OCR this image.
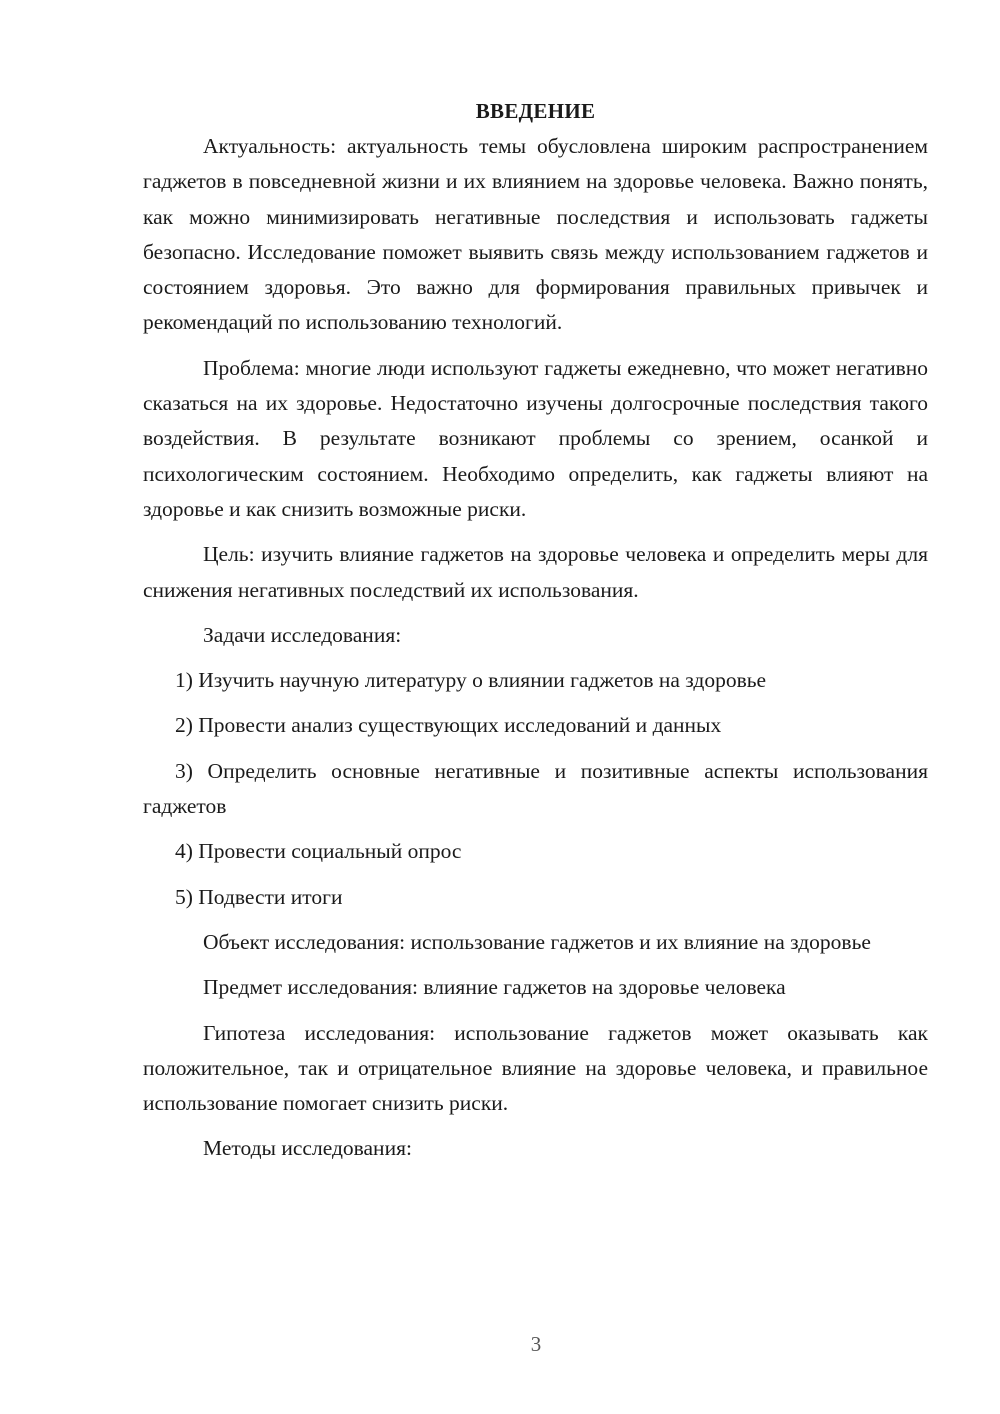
ВВЕДЕНИЕ

Актуальность: актуальность темы обусловлена широким распространением гаджетов в повседневной жизни и их влиянием на здоровье человека. Важно понять, как можно минимизировать негативные последствия и использовать гаджеты безопасно. Исследование поможет выявить связь между использованием гаджетов и состоянием здоровья. Это важно для формирования правильных привычек и рекомендаций по использованию технологий.

Проблема: многие люди используют гаджеты ежедневно, что может негативно сказаться на их здоровье. Недостаточно изучены долгосрочные последствия такого воздействия. В результате возникают проблемы со зрением, осанкой и психологическим состоянием. Необходимо определить, как гаджеты влияют на здоровье и как снизить возможные риски.

Цель: изучить влияние гаджетов на здоровье человека и определить меры для снижения негативных последствий их использования.

Задачи исследования:

1) Изучить научную литературу о влиянии гаджетов на здоровье

2) Провести анализ существующих исследований и данных

3) Определить основные негативные и позитивные аспекты использования гаджетов

4) Провести социальный опрос

5) Подвести итоги

Объект исследования: использование гаджетов и их влияние на здоровье

Предмет исследования: влияние гаджетов на здоровье человека

Гипотеза исследования: использование гаджетов может оказывать как положительное, так и отрицательное влияние на здоровье человека, и правильное использование помогает снизить риски.

Методы исследования:

3
